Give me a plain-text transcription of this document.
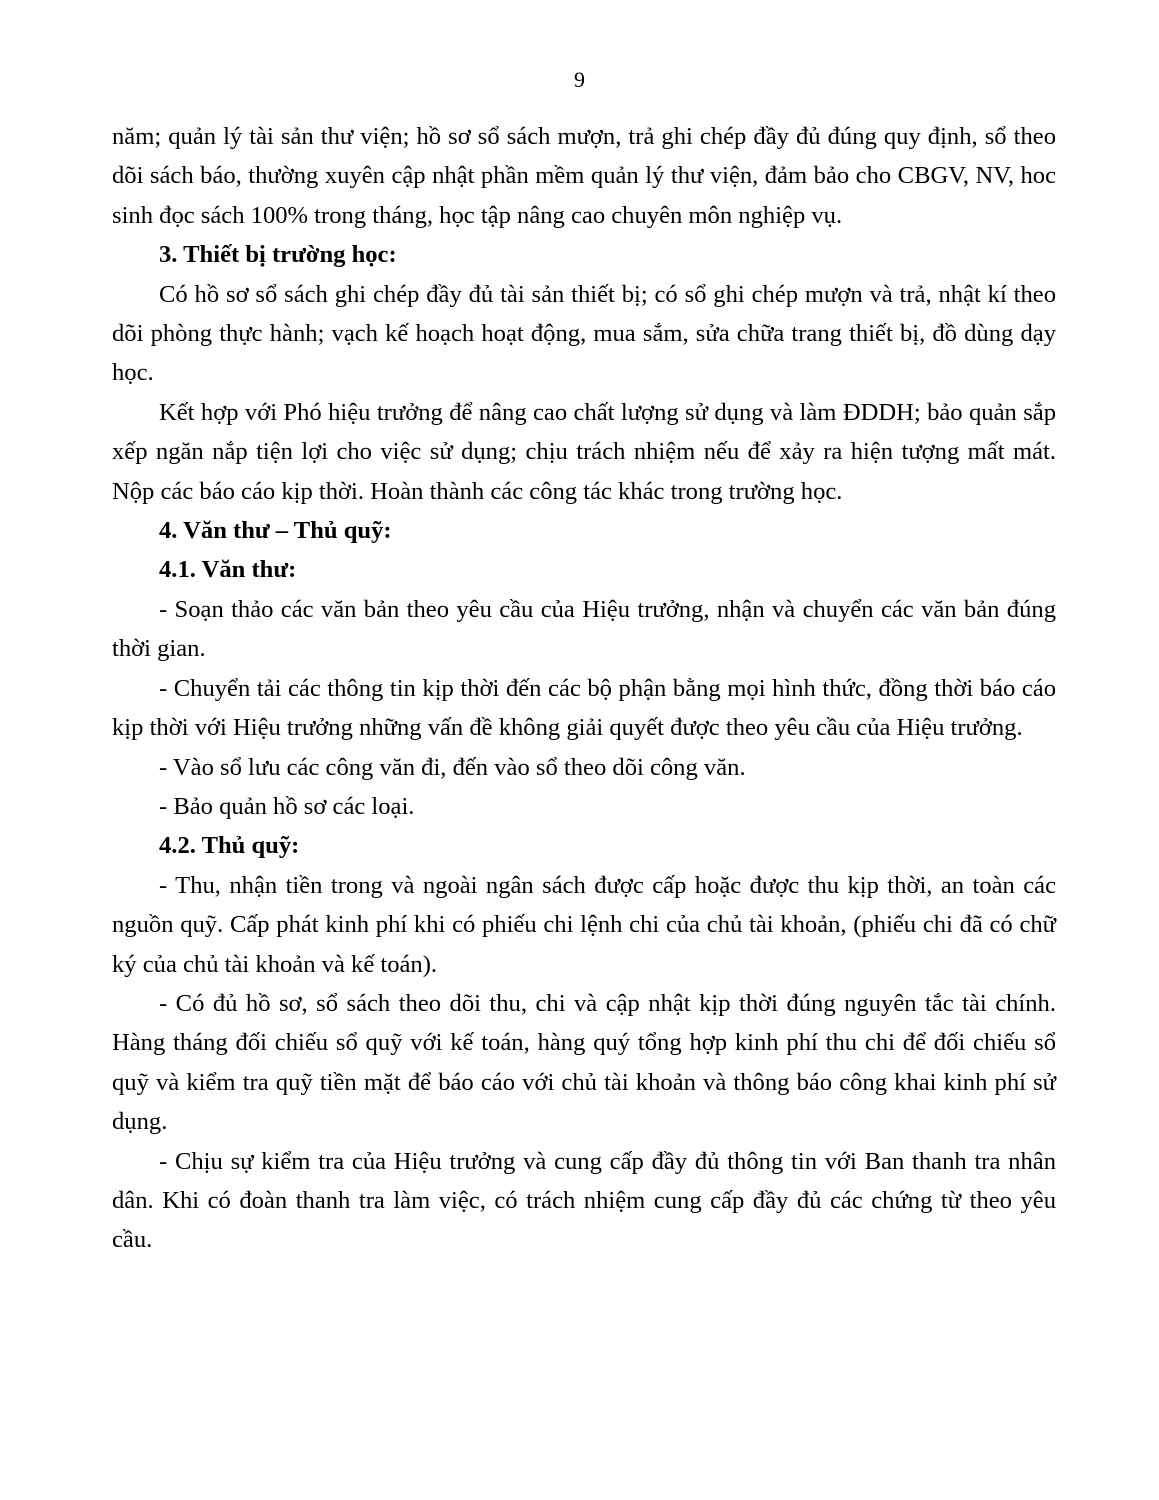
9

năm; quản lý tài sản thư viện; hồ sơ sổ sách mượn, trả ghi chép đầy đủ đúng quy định, sổ theo dõi sách báo, thường xuyên cập nhật phần mềm quản lý thư viện, đảm bảo cho CBGV, NV, hoc sinh đọc sách 100% trong tháng, học tập nâng cao chuyên môn nghiệp vụ.

3. Thiết bị trường học:

Có hồ sơ sổ sách ghi chép đầy đủ tài sản thiết bị; có sổ ghi chép mượn và trả, nhật kí theo dõi phòng thực hành; vạch kế hoạch hoạt động, mua sắm, sửa chữa trang thiết bị, đồ dùng dạy học.

Kết hợp với Phó hiệu trưởng để nâng cao chất lượng sử dụng và làm ĐDDH; bảo quản sắp xếp ngăn nắp tiện lợi cho việc sử dụng; chịu trách nhiệm nếu để xảy ra hiện tượng mất mát. Nộp các báo cáo kịp thời. Hoàn thành các công tác khác trong trường học.

4. Văn thư – Thủ quỹ:

4.1. Văn thư:

- Soạn thảo các văn bản theo yêu cầu của Hiệu trưởng, nhận và chuyển các văn bản đúng thời gian.

- Chuyển tải các thông tin kịp thời đến các bộ phận bằng mọi hình thức, đồng thời báo cáo kịp thời với Hiệu trưởng những vấn đề không giải quyết được theo yêu cầu của Hiệu trưởng.

- Vào sổ lưu các công văn đi, đến vào sổ theo dõi công văn.

- Bảo quản hồ sơ các loại.

4.2. Thủ quỹ:

- Thu, nhận tiền trong và ngoài ngân sách được cấp hoặc được thu kịp thời, an toàn các nguồn quỹ. Cấp phát kinh phí khi có phiếu chi lệnh chi của chủ tài khoản, (phiếu chi đã có chữ ký của chủ tài khoản và kế toán).

- Có đủ hồ sơ, sổ sách theo dõi thu, chi và cập nhật kịp thời đúng nguyên tắc tài chính. Hàng tháng đối chiếu sổ quỹ với kế toán, hàng quý tổng hợp kinh phí thu chi để đối chiếu sổ quỹ và kiểm tra quỹ tiền mặt để báo cáo với chủ tài khoản và thông báo công khai kinh phí sử dụng.

- Chịu sự kiểm tra của Hiệu trưởng và cung cấp đầy đủ thông tin với Ban thanh tra nhân dân. Khi có đoàn thanh tra làm việc, có trách nhiệm cung cấp đầy đủ các chứng từ theo yêu cầu.
